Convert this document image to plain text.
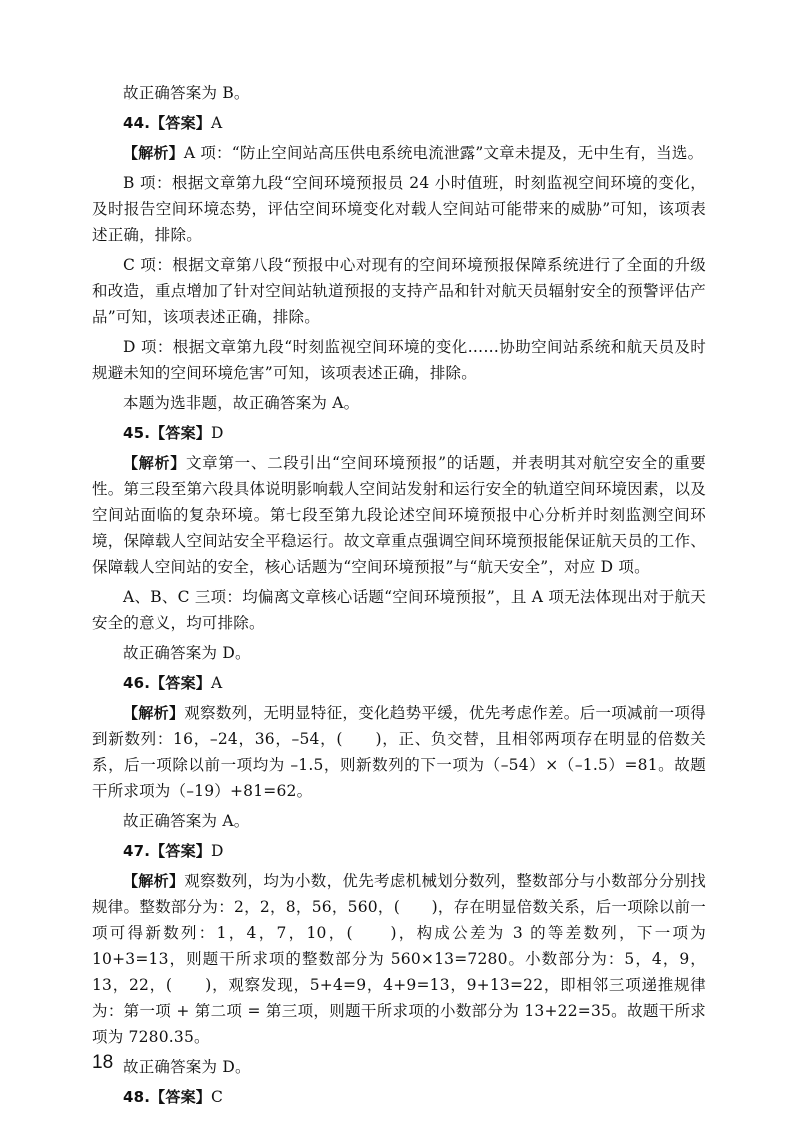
故正确答案为 B。

44.【答案】A

【解析】A 项：“防止空间站高压供电系统电流泄露”文章未提及，无中生有，当选。

B 项：根据文章第九段“空间环境预报员 24 小时值班，时刻监视空间环境的变化，及时报告空间环境态势，评估空间环境变化对载人空间站可能带来的威胁”可知，该项表述正确，排除。

C 项：根据文章第八段“预报中心对现有的空间环境预报保障系统进行了全面的升级和改造，重点增加了针对空间站轨道预报的支持产品和针对航天员辐射安全的预警评估产品”可知，该项表述正确，排除。

D 项：根据文章第九段“时刻监视空间环境的变化……协助空间站系统和航天员及时规避未知的空间环境危害”可知，该项表述正确，排除。

本题为选非题，故正确答案为 A。

45.【答案】D

【解析】文章第一、二段引出“空间环境预报”的话题，并表明其对航空安全的重要性。第三段至第六段具体说明影响载人空间站发射和运行安全的轨道空间环境因素，以及空间站面临的复杂环境。第七段至第九段论述空间环境预报中心分析并时刻监测空间环境，保障载人空间站安全平稳运行。故文章重点强调空间环境预报能保证航天员的工作、保障载人空间站的安全，核心话题为“空间环境预报”与“航天安全”，对应 D 项。

A、B、C 三项：均偏离文章核心话题“空间环境预报”，且 A 项无法体现出对于航天安全的意义，均可排除。

故正确答案为 D。

46.【答案】A

【解析】观察数列，无明显特征，变化趋势平缓，优先考虑作差。后一项减前一项得到新数列：16，–24，36，–54，(　　)，正、负交替，且相邻两项存在明显的倍数关系，后一项除以前一项均为 –1.5，则新数列的下一项为（–54）×（–1.5）=81。故题干所求项为（–19）+81=62。

故正确答案为 A。

47.【答案】D

【解析】观察数列，均为小数，优先考虑机械划分数列，整数部分与小数部分分别找规律。整数部分为：2，2，8，56，560，(　　)，存在明显倍数关系，后一项除以前一项可得新数列：1，4，7，10，(　　)，构成公差为 3 的等差数列，下一项为 10+3=13，则题干所求项的整数部分为 560×13=7280。小数部分为：5，4，9，13，22，(　　)，观察发现，5+4=9，4+9=13，9+13=22，即相邻三项递推规律为：第一项 + 第二项 = 第三项，则题干所求项的小数部分为 13+22=35。故题干所求项为 7280.35。

故正确答案为 D。

48.【答案】C

18
